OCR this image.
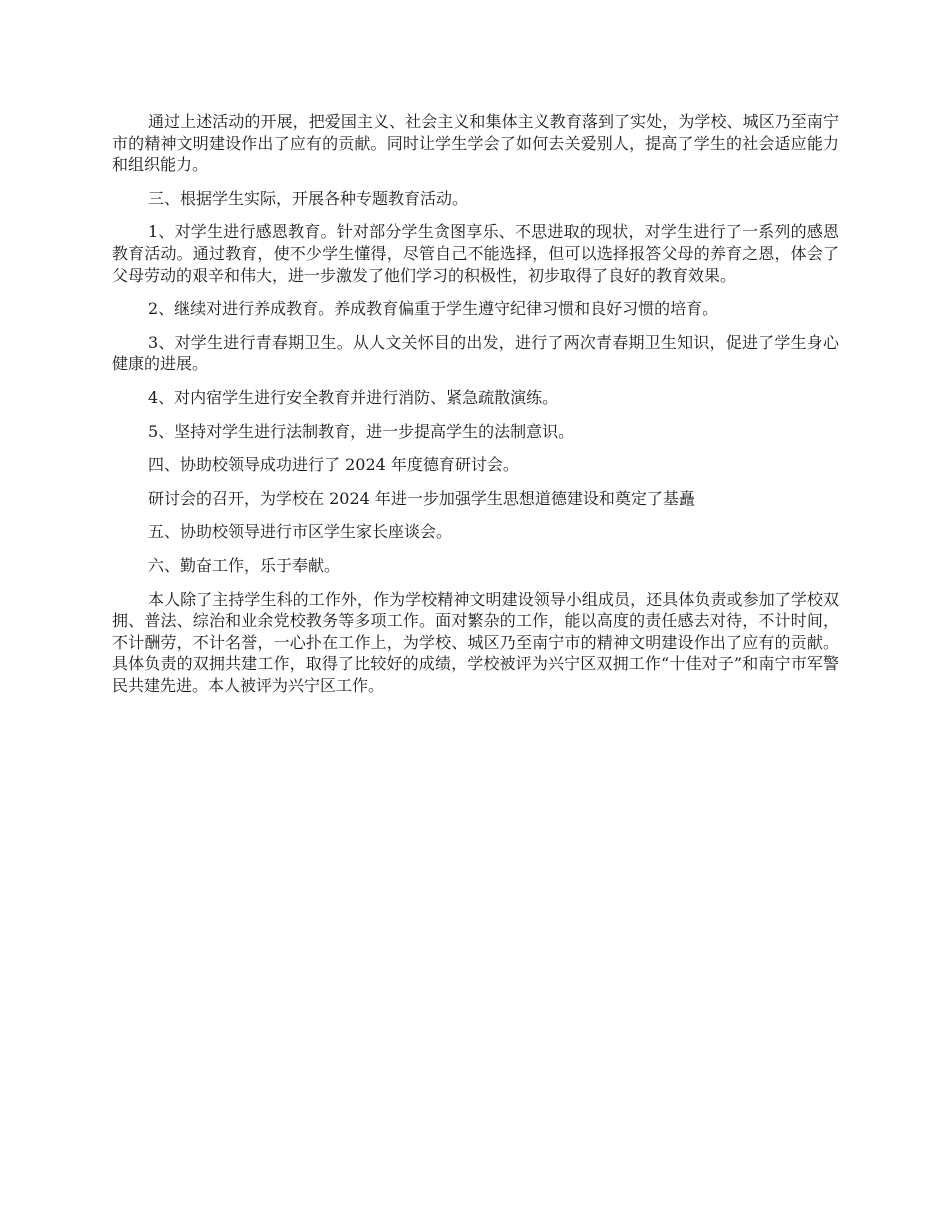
通过上述活动的开展，把爱国主义、社会主义和集体主义教育落到了实处，为学校、城区乃至南宁市的精神文明建设作出了应有的贡献。同时让学生学会了如何去关爱别人，提高了学生的社会适应能力和组织能力。

三、根据学生实际，开展各种专题教育活动。

1、对学生进行感恩教育。针对部分学生贪图享乐、不思进取的现状，对学生进行了一系列的感恩教育活动。通过教育，使不少学生懂得，尽管自己不能选择，但可以选择报答父母的养育之恩，体会了父母劳动的艰辛和伟大，进一步激发了他们学习的积极性，初步取得了良好的教育效果。

2、继续对进行养成教育。养成教育偏重于学生遵守纪律习惯和良好习惯的培育。

3、对学生进行青春期卫生。从人文关怀目的出发，进行了两次青春期卫生知识，促进了学生身心健康的进展。

4、对内宿学生进行安全教育并进行消防、紧急疏散演练。

5、坚持对学生进行法制教育，进一步提高学生的法制意识。

四、协助校领导成功进行了 2024 年度德育研讨会。

研讨会的召开，为学校在 2024 年进一步加强学生思想道德建设和奠定了基矗

五、协助校领导进行市区学生家长座谈会。

六、勤奋工作，乐于奉献。

本人除了主持学生科的工作外，作为学校精神文明建设领导小组成员，还具体负责或参加了学校双拥、普法、综治和业余党校教务等多项工作。面对繁杂的工作，能以高度的责任感去对待，不计时间，不计酬劳，不计名誉，一心扑在工作上，为学校、城区乃至南宁市的精神文明建设作出了应有的贡献。具体负责的双拥共建工作，取得了比较好的成绩，学校被评为兴宁区双拥工作“十佳对子”和南宁市军警民共建先进。本人被评为兴宁区工作。
